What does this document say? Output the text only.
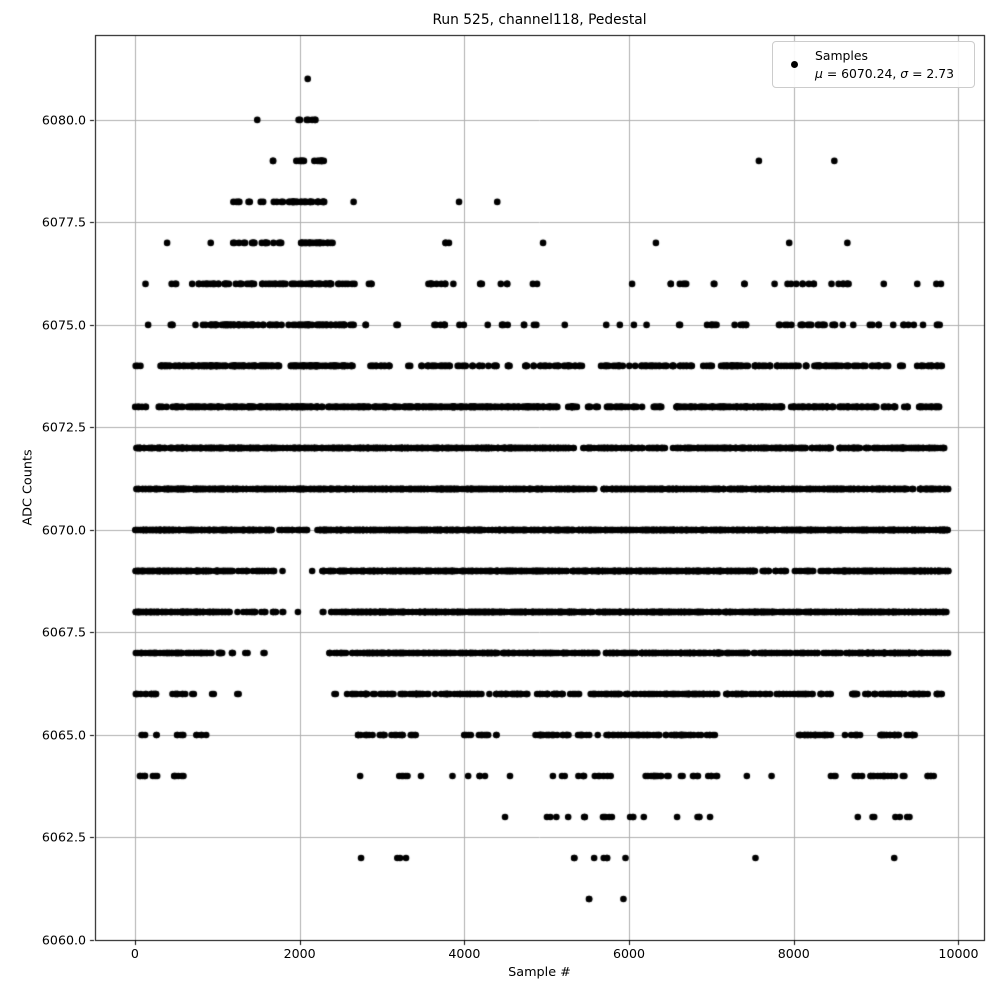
Run 525, channel118, Pedestal
Sample #
ADC Counts
0	2000	4000	6000	8000	10000
6060.0
6062.5
6065.0
6067.5
6070.0
6072.5
6075.0
6077.5
6080.0
Samples
μ = 6070.24, σ = 2.73
